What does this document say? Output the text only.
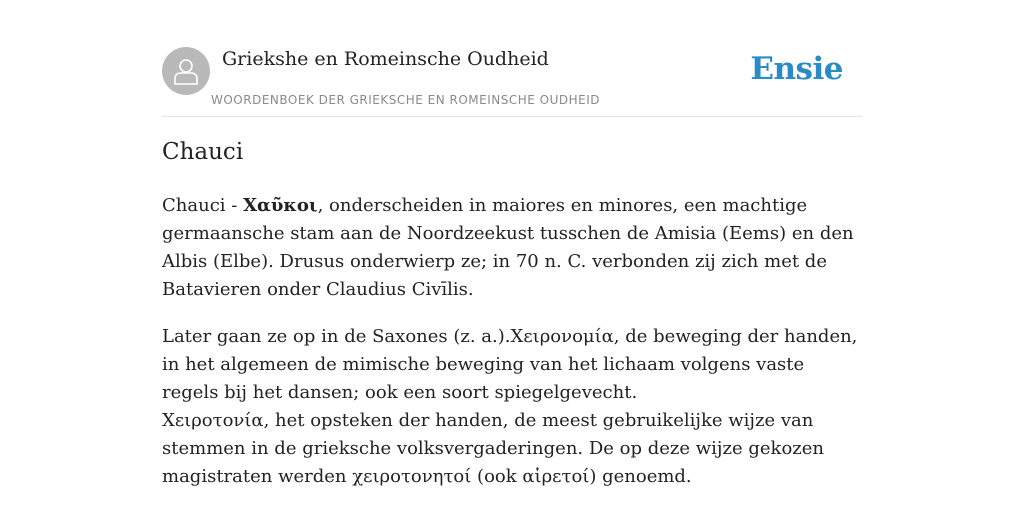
Griekshe en Romeinsche Oudheid
WOORDENBOEK DER GRIEKSCHE EN ROMEINSCHE OUDHEID
Ensie
Chauci

Chauci - Χαῦκοι, onderscheiden in maiores en minores, een machtige germaansche stam aan de Noordzeekust tusschen de Amisia (Eems) en den Albis (Elbe). Drusus onderwierp ze; in 70 n. C. verbonden zij zich met de Batavieren onder Claudius Civīlis.

Later gaan ze op in de Saxones (z. a.).Χειρονομία, de beweging der handen, in het algemeen de mimische beweging van het lichaam volgens vaste regels bij het dansen; ook een soort spiegelgevecht.
Χειροτονία, het opsteken der handen, de meest gebruikelijke wijze van stemmen in de grieksche volksvergaderingen. De op deze wijze gekozen magistraten werden χειροτονητοί (ook αἱρετοί) genoemd.
